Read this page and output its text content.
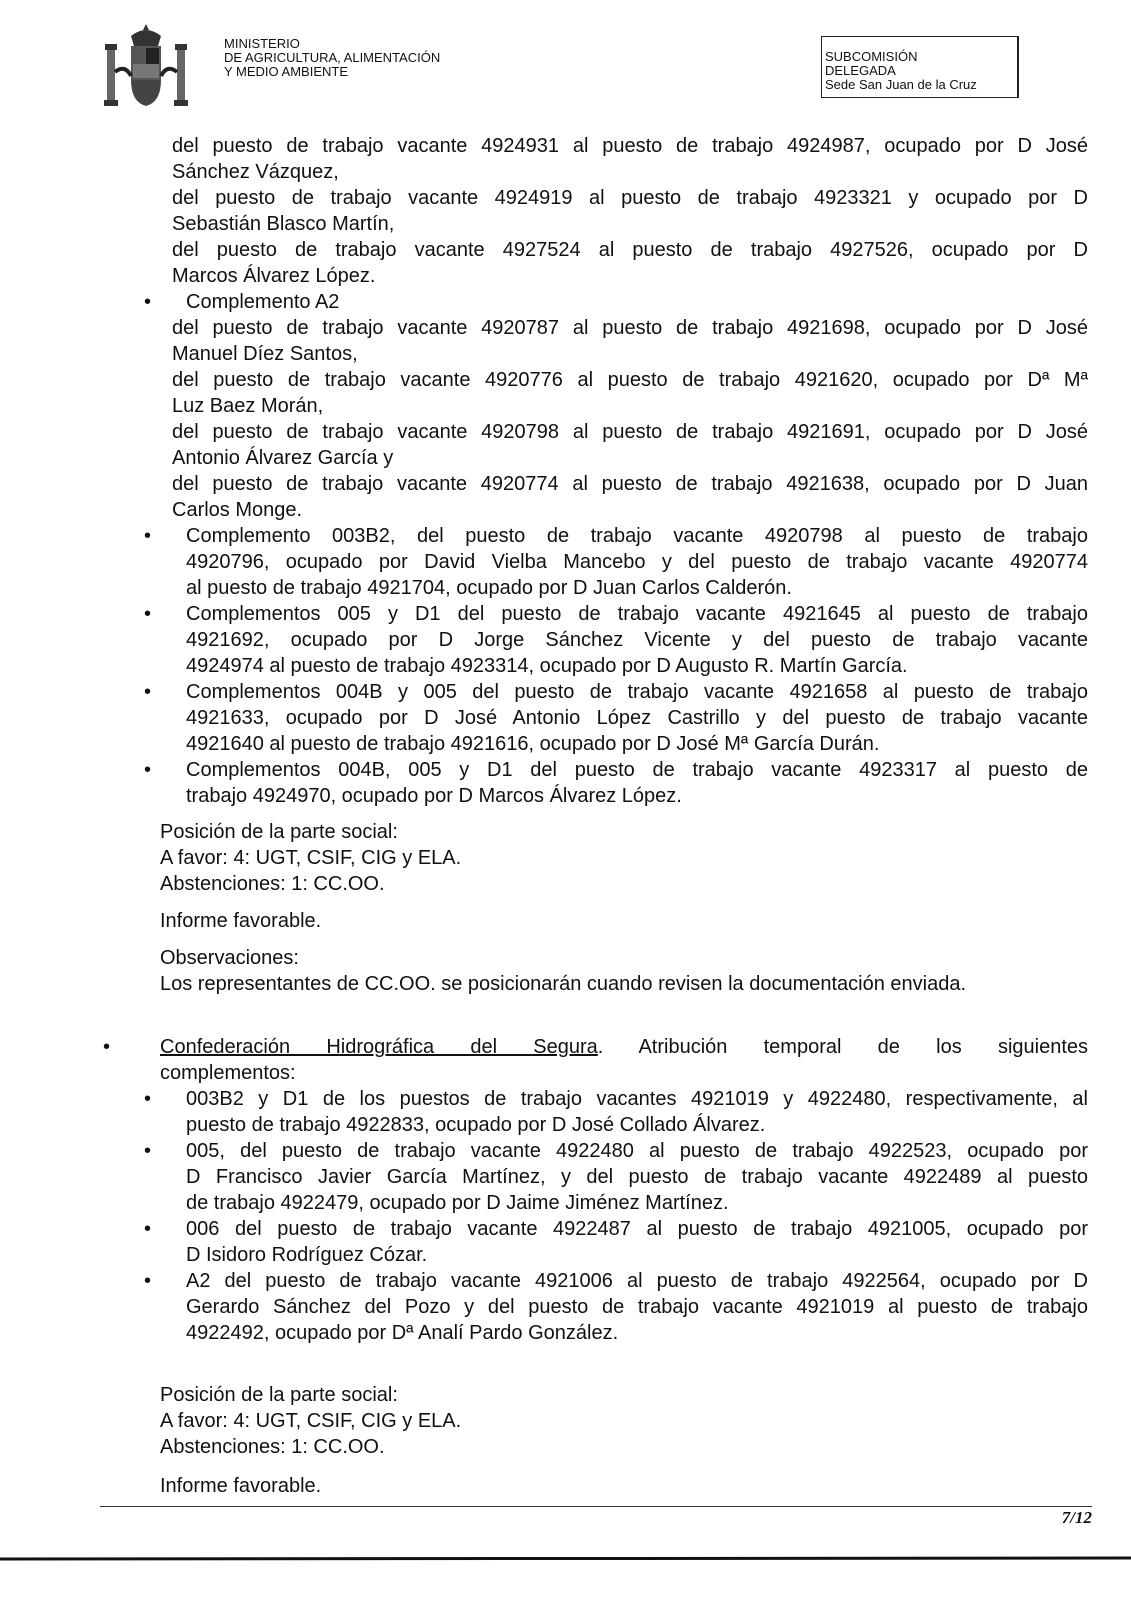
MINISTERIO
DE AGRICULTURA, ALIMENTACIÓN
Y MEDIO AMBIENTE
SUBCOMISIÓN
DELEGADA
Sede San Juan de la Cruz
del puesto de trabajo vacante 4924931 al puesto de trabajo 4924987, ocupado por D José
Sánchez Vázquez,
del puesto de trabajo vacante 4924919 al puesto de trabajo 4923321 y ocupado por D
Sebastián Blasco Martín,
del puesto de trabajo vacante 4927524 al puesto de trabajo 4927526, ocupado por D
Marcos Álvarez López.
• Complemento A2
del puesto de trabajo vacante 4920787 al puesto de trabajo 4921698, ocupado por D José
Manuel Díez Santos,
del puesto de trabajo vacante 4920776 al puesto de trabajo 4921620, ocupado por Dª Mª
Luz Baez Morán,
del puesto de trabajo vacante 4920798 al puesto de trabajo 4921691, ocupado por D José
Antonio Álvarez García y
del puesto de trabajo vacante 4920774 al puesto de trabajo 4921638, ocupado por D Juan
Carlos Monge.
• Complemento 003B2, del puesto de trabajo vacante 4920798 al puesto de trabajo
4920796, ocupado por David Vielba Mancebo y del puesto de trabajo vacante 4920774
al puesto de trabajo 4921704, ocupado por D Juan Carlos Calderón.
• Complementos 005 y D1 del puesto de trabajo vacante 4921645 al puesto de trabajo
4921692, ocupado por D Jorge Sánchez Vicente y del puesto de trabajo vacante
4924974 al puesto de trabajo 4923314, ocupado por D Augusto R. Martín García.
• Complementos 004B y 005 del puesto de trabajo vacante 4921658 al puesto de trabajo
4921633, ocupado por D José Antonio López Castrillo y del puesto de trabajo vacante
4921640 al puesto de trabajo 4921616, ocupado por D José Mª García Durán.
• Complementos 004B, 005 y D1 del puesto de trabajo vacante 4923317 al puesto de
trabajo 4924970, ocupado por D Marcos Álvarez López.
Posición de la parte social:
A favor: 4: UGT, CSIF, CIG y ELA.
Abstenciones: 1: CC.OO.
Informe favorable.
Observaciones:
Los representantes de CC.OO. se posicionarán cuando revisen la documentación enviada.
• Confederación Hidrográfica del Segura. Atribución temporal de los siguientes
complementos:
• 003B2 y D1 de los puestos de trabajo vacantes 4921019 y 4922480, respectivamente, al
puesto de trabajo 4922833, ocupado por D José Collado Álvarez.
• 005, del puesto de trabajo vacante 4922480 al puesto de trabajo 4922523, ocupado por
D Francisco Javier García Martínez, y del puesto de trabajo vacante 4922489 al puesto
de trabajo 4922479, ocupado por D Jaime Jiménez Martínez.
• 006 del puesto de trabajo vacante 4922487 al puesto de trabajo 4921005, ocupado por
D Isidoro Rodríguez Cózar.
• A2 del puesto de trabajo vacante 4921006 al puesto de trabajo 4922564, ocupado por D
Gerardo Sánchez del Pozo y del puesto de trabajo vacante 4921019 al puesto de trabajo
4922492, ocupado por Dª Analí Pardo González.
Posición de la parte social:
A favor: 4: UGT, CSIF, CIG y ELA.
Abstenciones: 1: CC.OO.
Informe favorable.
7/12
